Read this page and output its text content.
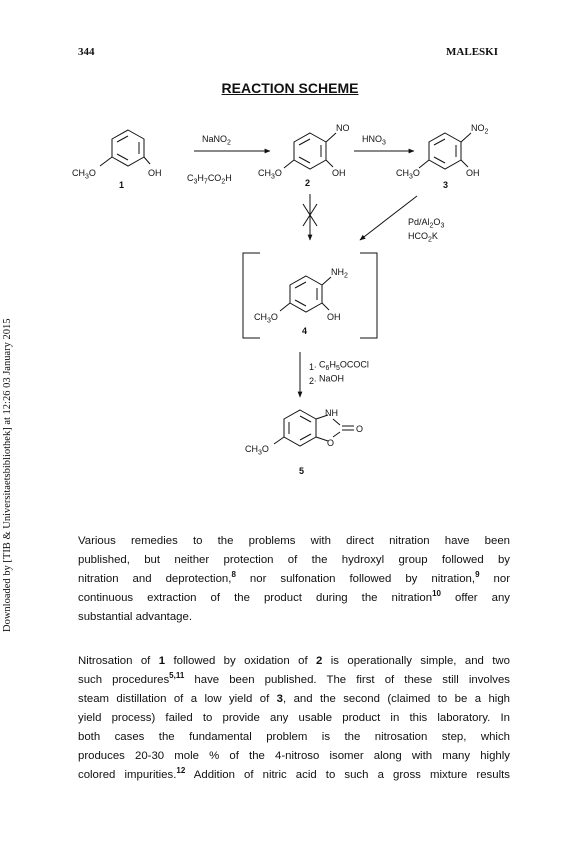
344	MALESKI
Downloaded by [TIB & Universitaetsbibliothek] at 12:26 03 January 2015
REACTION SCHEME
$CH_3O$	OH
1
NaNO$_2$
$C_3H_7CO_2H$
NO
$CH_3O$	OH
2
$HNO_3$
$NO_2$
$CH_3O$	OH
3
$Pd/Al_2O_3$
$HCO_2K$
$NH_2$
$CH_3O$	OH
4
1. $C_6H_5OCOCl$
2. NaOH
NH
O
O
$CH_3O$
5
Various remedies to the problems with direct nitration have been
published, but neither protection of the hydroxyl group followed by
nitration and deprotection,$^8$ nor sulfonation followed by nitration,$^9$ nor
continuous extraction of the product during the nitration$^{10}$ offer any
substantial advantage.
Nitrosation of 1 followed by oxidation of 2 is operationally simple, and two
such procedures$^{5,11}$ have been published. The first of these still involves
steam distillation of a low yield of 3, and the second (claimed to be a high
yield process) failed to provide any usable product in this laboratory. In
both cases the fundamental problem is the nitrosation step, which
produces 20-30 mole % of the 4-nitroso isomer along with many highly
colored impurities.$^{12}$ Addition of nitric acid to such a gross mixture results
